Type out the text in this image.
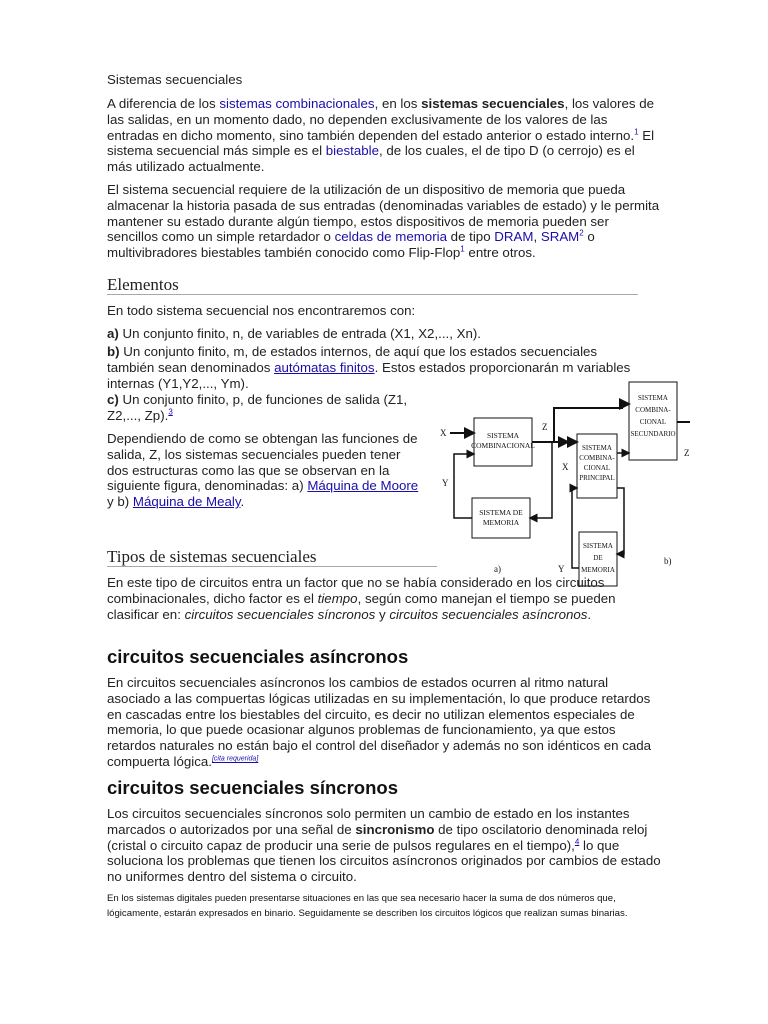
Sistemas secuenciales

A diferencia de los sistemas combinacionales, en los sistemas secuenciales, los valores de las salidas, en un momento dado, no dependen exclusivamente de los valores de las entradas en dicho momento, sino también dependen del estado anterior o estado interno.$^1$ El sistema secuencial más simple es el biestable, de los cuales, el de tipo D (o cerrojo) es el más utilizado actualmente.

El sistema secuencial requiere de la utilización de un dispositivo de memoria que pueda almacenar la historia pasada de sus entradas (denominadas variables de estado) y le permita mantener su estado durante algún tiempo, estos dispositivos de memoria pueden ser sencillos como un simple retardador o celdas de memoria de tipo DRAM, SRAM$^2$ o multivibradores biestables también conocido como Flip-Flop$^1$ entre otros.

Elementos

En todo sistema secuencial nos encontraremos con:

a) Un conjunto finito, n, de variables de entrada (X1, X2,..., Xn).

b) Un conjunto finito, m, de estados internos, de aquí que los estados secuenciales también sean denominados autómatas finitos. Estos estados proporcionarán m variables internas (Y1,Y2,..., Ym).

c) Un conjunto finito, p, de funciones de salida (Z1, Z2,..., Zp).$^3$

Dependiendo de como se obtengan las funciones de salida, Z, los sistemas secuenciales pueden tener dos estructuras como las que se observan en la siguiente figura, denominadas: a) Máquina de Moore y b) Máquina de Mealy.

SISTEMA
COMBINACIONAL
SISTEMA DE
MEMORIA
X
Z
Y
a)
SISTEMA
COMBINA-
CIONAL
PRINCIPAL
SISTEMA
COMBINA-
CIONAL
SECUNDARIO
SISTEMA
DE
MEMORIA
X
Z
Y
b)
Tipos de sistemas secuenciales

En este tipo de circuitos entra un factor que no se había considerado en los circuitos combinacionales, dicho factor es el tiempo, según como manejan el tiempo se pueden clasificar en: circuitos secuenciales síncronos y circuitos secuenciales asíncronos.

circuitos secuenciales asíncronos

En circuitos secuenciales asíncronos los cambios de estados ocurren al ritmo natural asociado a las compuertas lógicas utilizadas en su implementación, lo que produce retardos en cascadas entre los biestables del circuito, es decir no utilizan elementos especiales de memoria, lo que puede ocasionar algunos problemas de funcionamiento, ya que estos retardos naturales no están bajo el control del diseñador y además no son idénticos en cada compuerta lógica.[cita requerida]

circuitos secuenciales síncronos

Los circuitos secuenciales síncronos solo permiten un cambio de estado en los instantes marcados o autorizados por una señal de sincronismo de tipo oscilatorio denominada reloj (cristal o circuito capaz de producir una serie de pulsos regulares en el tiempo),$^4$ lo que soluciona los problemas que tienen los circuitos asíncronos originados por cambios de estado no uniformes dentro del sistema o circuito.

En los sistemas digitales pueden presentarse situaciones en las que sea necesario hacer la suma de dos números que, lógicamente, estarán expresados en binario. Seguidamente se describen los circuitos lógicos que realizan sumas binarias.
